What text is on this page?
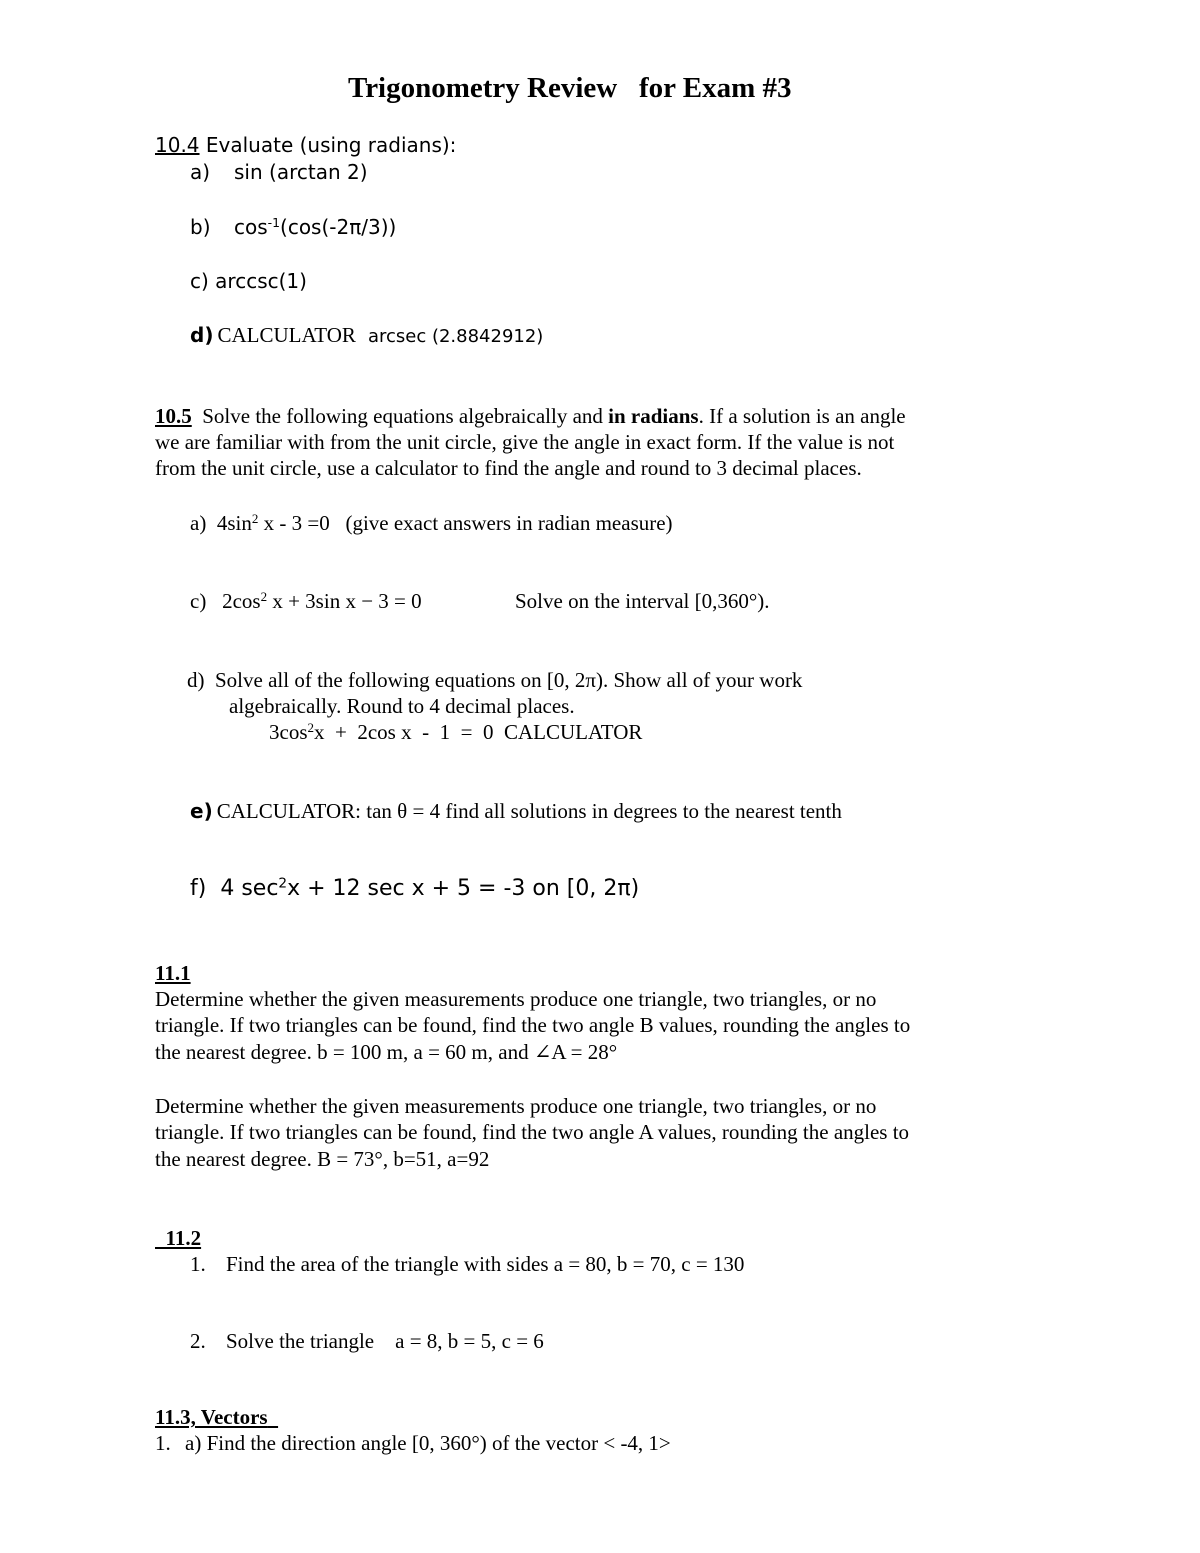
Trigonometry Review for Exam #3
10.4 Evaluate (using radians):
a) sin (arctan 2)
b) $\cos^{-1}(\cos(-2\pi/3))$
c) arccsc(1)
d) CALCULATOR arcsec (2.8842912)
10.5 Solve the following equations algebraically and in radians. If a solution is an angle
we are familiar with from the unit circle, give the angle in exact form. If the value is not
from the unit circle, use a calculator to find the angle and round to 3 decimal places.
a) $4\sin^2$ x - 3 =0 (give exact answers in radian measure)
c) $2\cos^2$ x + 3sin x − 3 = 0	Solve on the interval [0,360°).
d) Solve all of the following equations on [0, 2π). Show all of your work
algebraically. Round to 4 decimal places.
$3\cos^2x + 2\cos$ x  -  1  =  0  CALCULATOR
e) CALCULATOR: tan θ = 4 find all solutions in degrees to the nearest tenth
f) 4 $\sec^2x + 12$ sec x + 5 = -3 on [0, 2π)
11.1
Determine whether the given measurements produce one triangle, two triangles, or no
triangle. If two triangles can be found, find the two angle B values, rounding the angles to
the nearest degree. b = 100 m, a = 60 m, and ∠A = 28°
Determine whether the given measurements produce one triangle, two triangles, or no
triangle. If two triangles can be found, find the two angle A values, rounding the angles to
the nearest degree. B = 73°, b=51, a=92
11.2
1. Find the area of the triangle with sides a = 80, b = 70, c = 130
2. Solve the triangle    a = 8, b = 5, c = 6
11.3, Vectors
1. a) Find the direction angle [0, 360°) of the vector < -4, 1>
